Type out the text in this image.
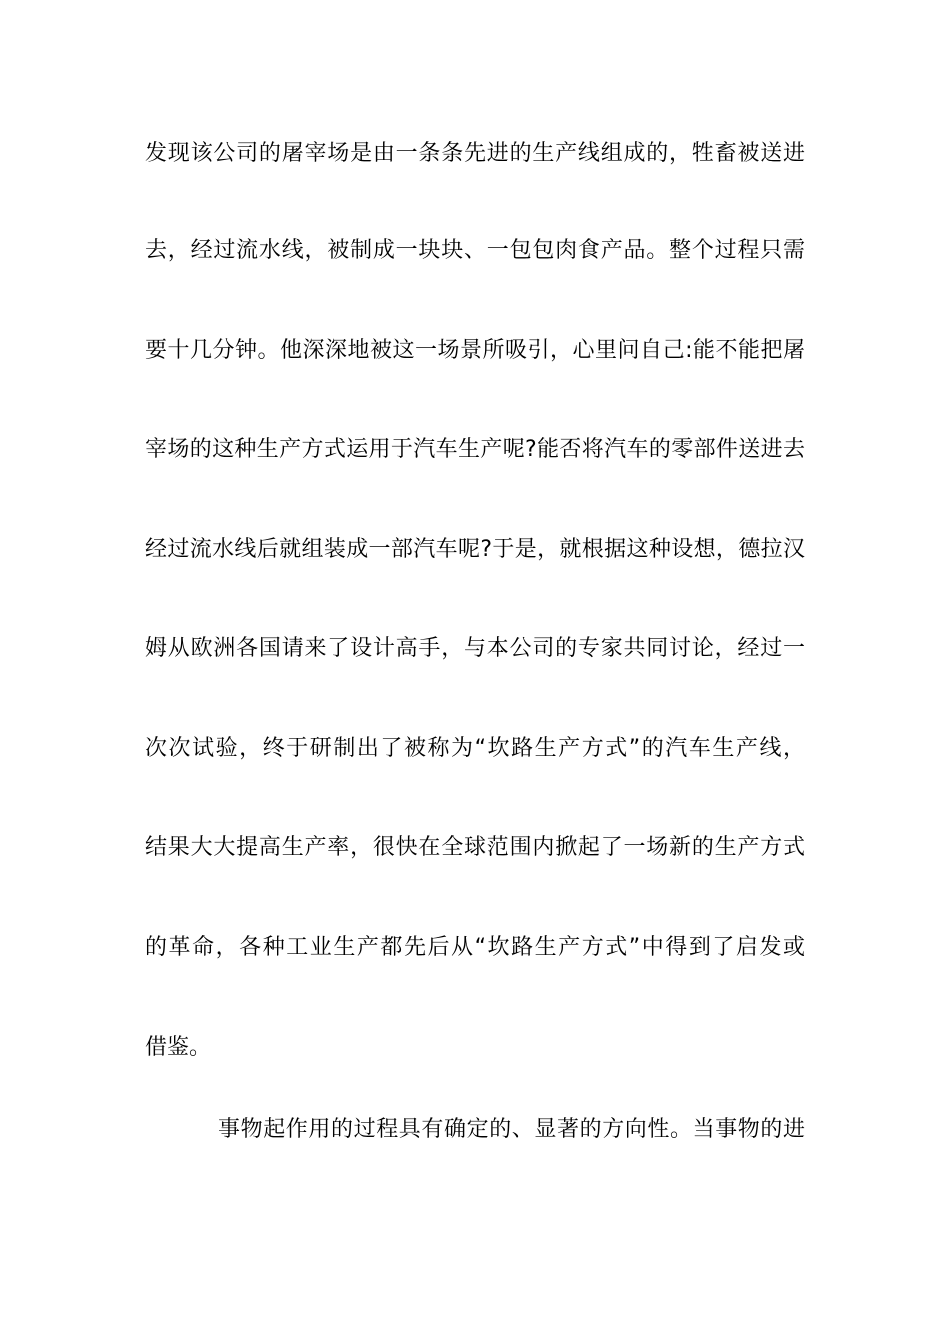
发现该公司的屠宰场是由一条条先进的生产线组成的，牲畜被送进
去，经过流水线，被制成一块块、一包包肉食产品。整个过程只需
要十几分钟。他深深地被这一场景所吸引，心里问自己:能不能把屠
宰场的这种生产方式运用于汽车生产呢?能否将汽车的零部件送进去
经过流水线后就组装成一部汽车呢?于是，就根据这种设想，德拉汉
姆从欧洲各国请来了设计高手，与本公司的专家共同讨论，经过一
次次试验，终于研制出了被称为“坎路生产方式”的汽车生产线，
结果大大提高生产率，很快在全球范围内掀起了一场新的生产方式
的革命，各种工业生产都先后从“坎路生产方式”中得到了启发或
借鉴。
事物起作用的过程具有确定的、显著的方向性。当事物的进
